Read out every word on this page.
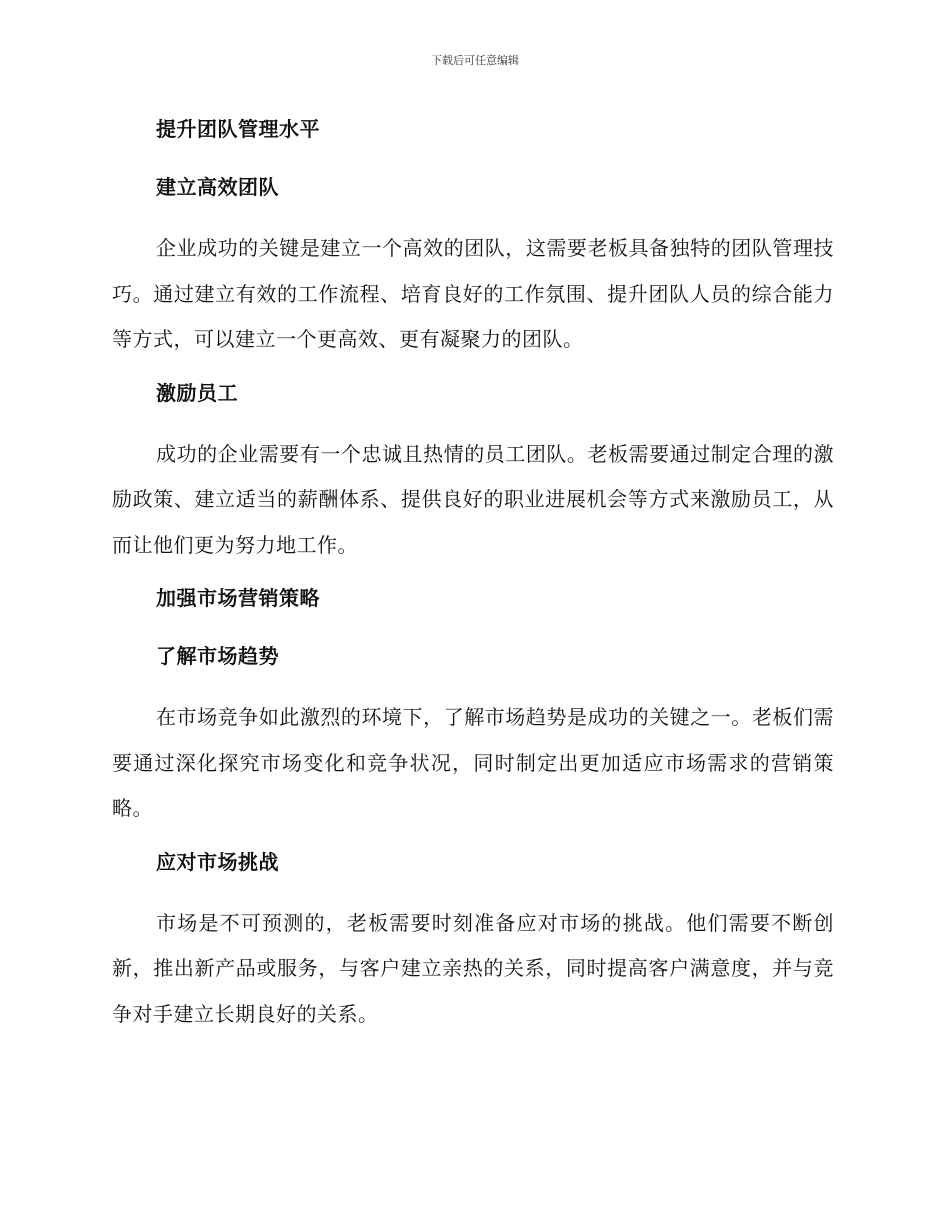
下载后可任意编辑
提升团队管理水平
建立高效团队
企业成功的关键是建立一个高效的团队，这需要老板具备独特的团队管理技巧。通过建立有效的工作流程、培育良好的工作氛围、提升团队人员的综合能力等方式，可以建立一个更高效、更有凝聚力的团队。
激励员工
成功的企业需要有一个忠诚且热情的员工团队。老板需要通过制定合理的激励政策、建立适当的薪酬体系、提供良好的职业进展机会等方式来激励员工，从而让他们更为努力地工作。
加强市场营销策略
了解市场趋势
在市场竞争如此激烈的环境下，了解市场趋势是成功的关键之一。老板们需要通过深化探究市场变化和竞争状况，同时制定出更加适应市场需求的营销策略。
应对市场挑战
市场是不可预测的，老板需要时刻准备应对市场的挑战。他们需要不断创新，推出新产品或服务，与客户建立亲热的关系，同时提高客户满意度，并与竞争对手建立长期良好的关系。
